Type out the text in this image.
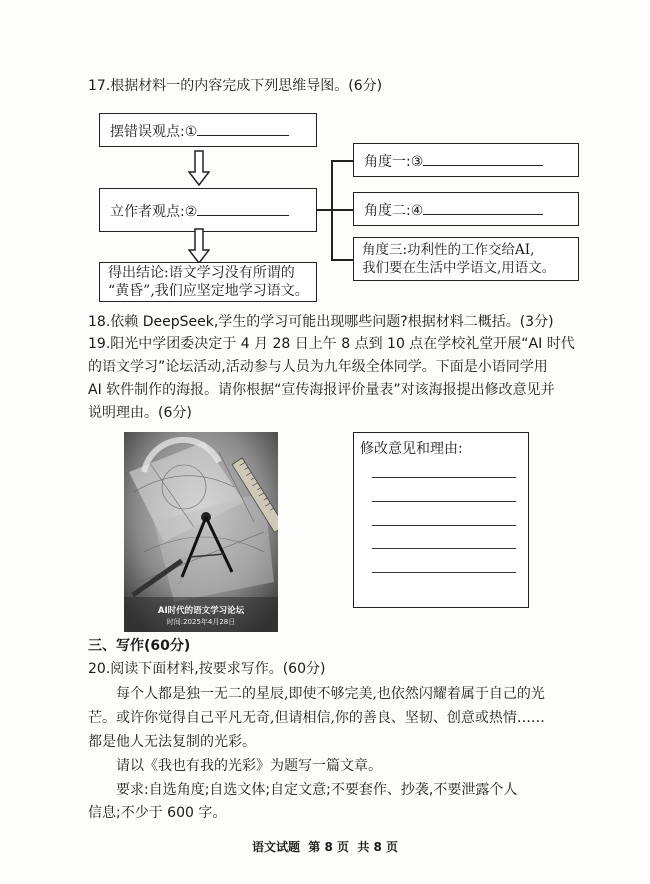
17.根据材料一的内容完成下列思维导图。(6分)
摆错误观点:①
立作者观点:②
得出结论:语文学习没有所谓的
“黄昏”,我们应坚定地学习语文。
角度一:③
角度二:④
角度三:功利性的工作交给AI,
我们要在生活中学语文,用语文。
18.依赖 DeepSeek,学生的学习可能出现哪些问题?根据材料二概括。(3分)
19.阳光中学团委决定于 4 月 28 日上午 8 点到 10 点在学校礼堂开展“AI 时代
的语文学习”论坛活动,活动参与人员为九年级全体同学。下面是小语同学用
AI 软件制作的海报。请你根据“宣传海报评价量表”对该海报提出修改意见并
说明理由。(6分)
AI时代的语文学习论坛
时间:2025年4月28日
修改意见和理由:
三、写作(60分)
20.阅读下面材料,按要求写作。(60分)
每个人都是独一无二的星辰,即使不够完美,也依然闪耀着属于自己的光
芒。或许你觉得自己平凡无奇,但请相信,你的善良、坚韧、创意或热情……
都是他人无法复制的光彩。
请以《我也有我的光彩》为题写一篇文章。
要求:自选角度;自选文体;自定文意;不要套作、抄袭,不要泄露个人
信息;不少于 600 字。
语文试题  第 8 页  共 8 页
